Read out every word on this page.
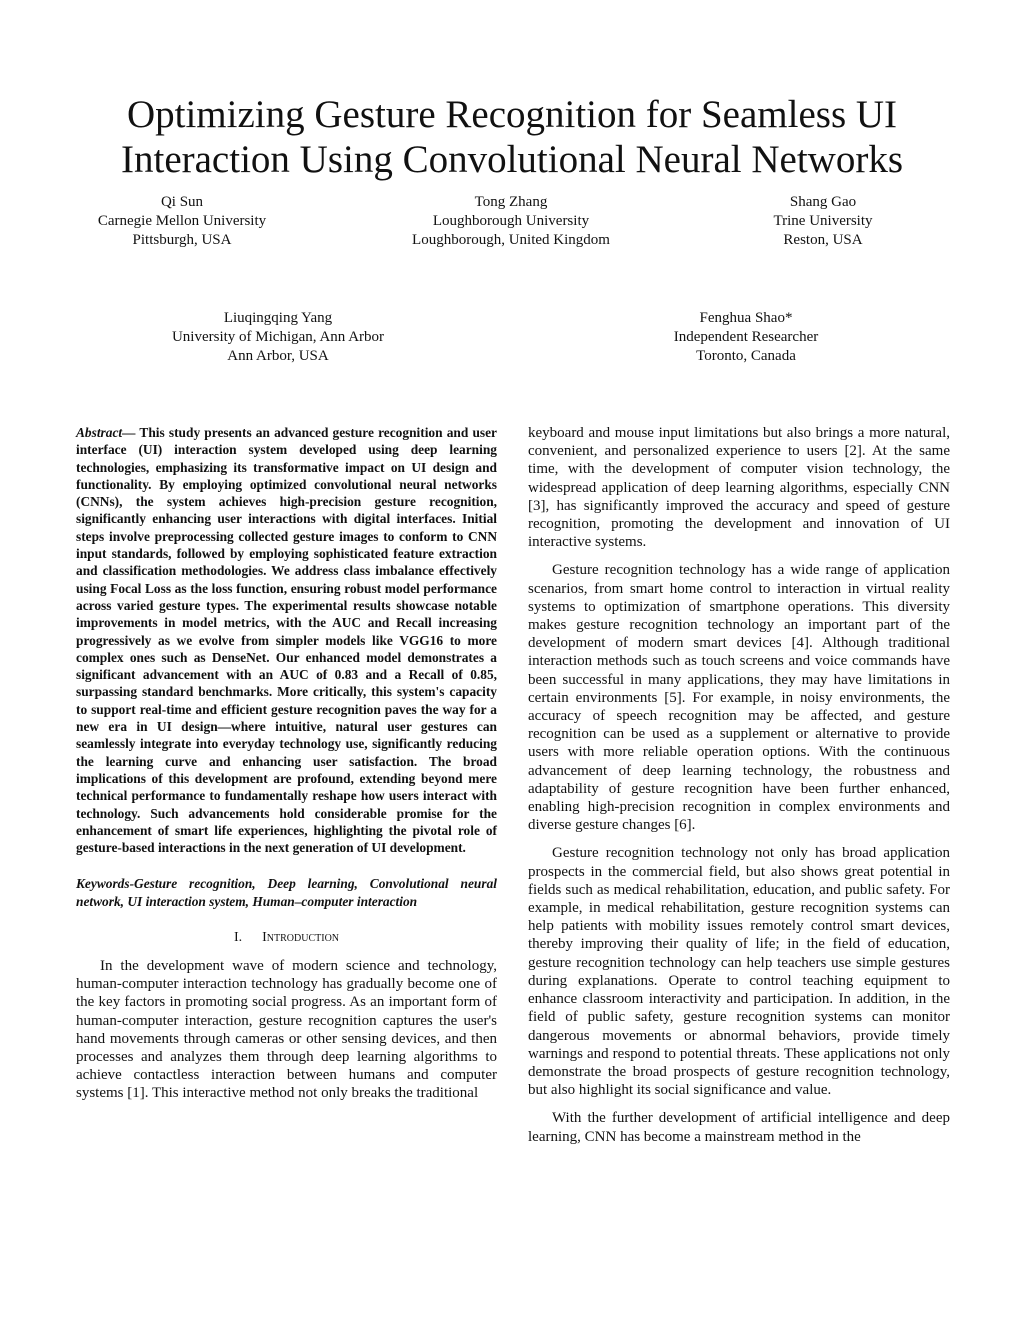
Optimizing Gesture Recognition for Seamless UI
Interaction Using Convolutional Neural Networks
Qi Sun
Carnegie Mellon University
Pittsburgh, USA
Tong Zhang
Loughborough University
Loughborough, United Kingdom
Shang Gao
Trine University
Reston, USA
Liuqingqing Yang
University of Michigan, Ann Arbor
Ann Arbor, USA
Fenghua Shao*
Independent Researcher
Toronto, Canada

Abstract— This study presents an advanced gesture recognition and user interface (UI) interaction system developed using deep learning technologies, emphasizing its transformative impact on UI design and functionality. By employing optimized convolutional neural networks (CNNs), the system achieves high-precision gesture recognition, significantly enhancing user interactions with digital interfaces. Initial steps involve preprocessing collected gesture images to conform to CNN input standards, followed by employing sophisticated feature extraction and classification methodologies. We address class imbalance effectively using Focal Loss as the loss function, ensuring robust model performance across varied gesture types. The experimental results showcase notable improvements in model metrics, with the AUC and Recall increasing progressively as we evolve from simpler models like VGG16 to more complex ones such as DenseNet. Our enhanced model demonstrates a significant advancement with an AUC of 0.83 and a Recall of 0.85, surpassing standard benchmarks. More critically, this system's capacity to support real-time and efficient gesture recognition paves the way for a new era in UI design—where intuitive, natural user gestures can seamlessly integrate into everyday technology use, significantly reducing the learning curve and enhancing user satisfaction. The broad implications of this development are profound, extending beyond mere technical performance to fundamentally reshape how users interact with technology. Such advancements hold considerable promise for the enhancement of smart life experiences, highlighting the pivotal role of gesture-based interactions in the next generation of UI development.

Keywords-Gesture recognition, Deep learning, Convolutional neural network, UI interaction system, Human–computer interaction

I. Introduction

In the development wave of modern science and technology, human-computer interaction technology has gradually become one of the key factors in promoting social progress. As an important form of human-computer interaction, gesture recognition captures the user's hand movements through cameras or other sensing devices, and then processes and analyzes them through deep learning algorithms to achieve contactless interaction between humans and computer systems [1]. This interactive method not only breaks the traditional

keyboard and mouse input limitations but also brings a more natural, convenient, and personalized experience to users [2]. At the same time, with the development of computer vision technology, the widespread application of deep learning algorithms, especially CNN [3], has significantly improved the accuracy and speed of gesture recognition, promoting the development and innovation of UI interactive systems.

Gesture recognition technology has a wide range of application scenarios, from smart home control to interaction in virtual reality systems to optimization of smartphone operations. This diversity makes gesture recognition technology an important part of the development of modern smart devices [4]. Although traditional interaction methods such as touch screens and voice commands have been successful in many applications, they may have limitations in certain environments [5]. For example, in noisy environments, the accuracy of speech recognition may be affected, and gesture recognition can be used as a supplement or alternative to provide users with more reliable operation options. With the continuous advancement of deep learning technology, the robustness and adaptability of gesture recognition have been further enhanced, enabling high-precision recognition in complex environments and diverse gesture changes [6].

Gesture recognition technology not only has broad application prospects in the commercial field, but also shows great potential in fields such as medical rehabilitation, education, and public safety. For example, in medical rehabilitation, gesture recognition systems can help patients with mobility issues remotely control smart devices, thereby improving their quality of life; in the field of education, gesture recognition technology can help teachers use simple gestures during explanations. Operate to control teaching equipment to enhance classroom interactivity and participation. In addition, in the field of public safety, gesture recognition systems can monitor dangerous movements or abnormal behaviors, provide timely warnings and respond to potential threats. These applications not only demonstrate the broad prospects of gesture recognition technology, but also highlight its social significance and value.

With the further development of artificial intelligence and deep learning, CNN has become a mainstream method in the
